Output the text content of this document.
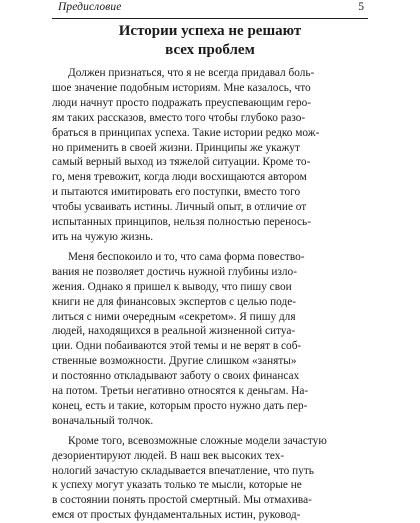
Предисловие	5
Истории успеха не решают
всех проблем
Должен признаться, что я не всегда придавал боль-
шое значение подобным историям. Мне казалось, что
люди начнут просто подражать преуспевающим геро-
ям таких рассказов, вместо того чтобы глубоко разо-
браться в принципах успеха. Такие истории редко мож-
но применить в своей жизни. Принципы же укажут
самый верный выход из тяжелой ситуации. Кроме то-
го, меня тревожит, когда люди восхищаются автором
и пытаются имитировать его поступки, вместо того
чтобы усваивать истины. Личный опыт, в отличие от
испытанных принципов, нельзя полностью перенось-
ить на чужую жизнь.
Меня беспокоило и то, что сама форма повество-
вания не позволяет достичь нужной глубины изло-
жения. Однако я пришел к выводу, что пишу свои
книги не для финансовых экспертов с целью поде-
литься с ними очередным «секретом». Я пишу для
людей, находящихся в реальной жизненной ситуа-
ции. Одни побаиваются этой темы и не верят в соб-
ственные возможности. Другие слишком «заняты»
и постоянно откладывают заботу о своих финансах
на потом. Третьи негативно относятся к деньгам. На-
конец, есть и такие, которым просто нужно дать пер-
воначальный толчок.
Кроме того, всевозможные сложные модели зачастую
дезориентируют людей. В наш век высоких тех-
нологий зачастую складывается впечатление, что путь
к успеху могут указать только те мысли, которые не
в состоянии понять простой смертный. Мы отмахива-
емся от простых фундаментальных истин, руковод-
